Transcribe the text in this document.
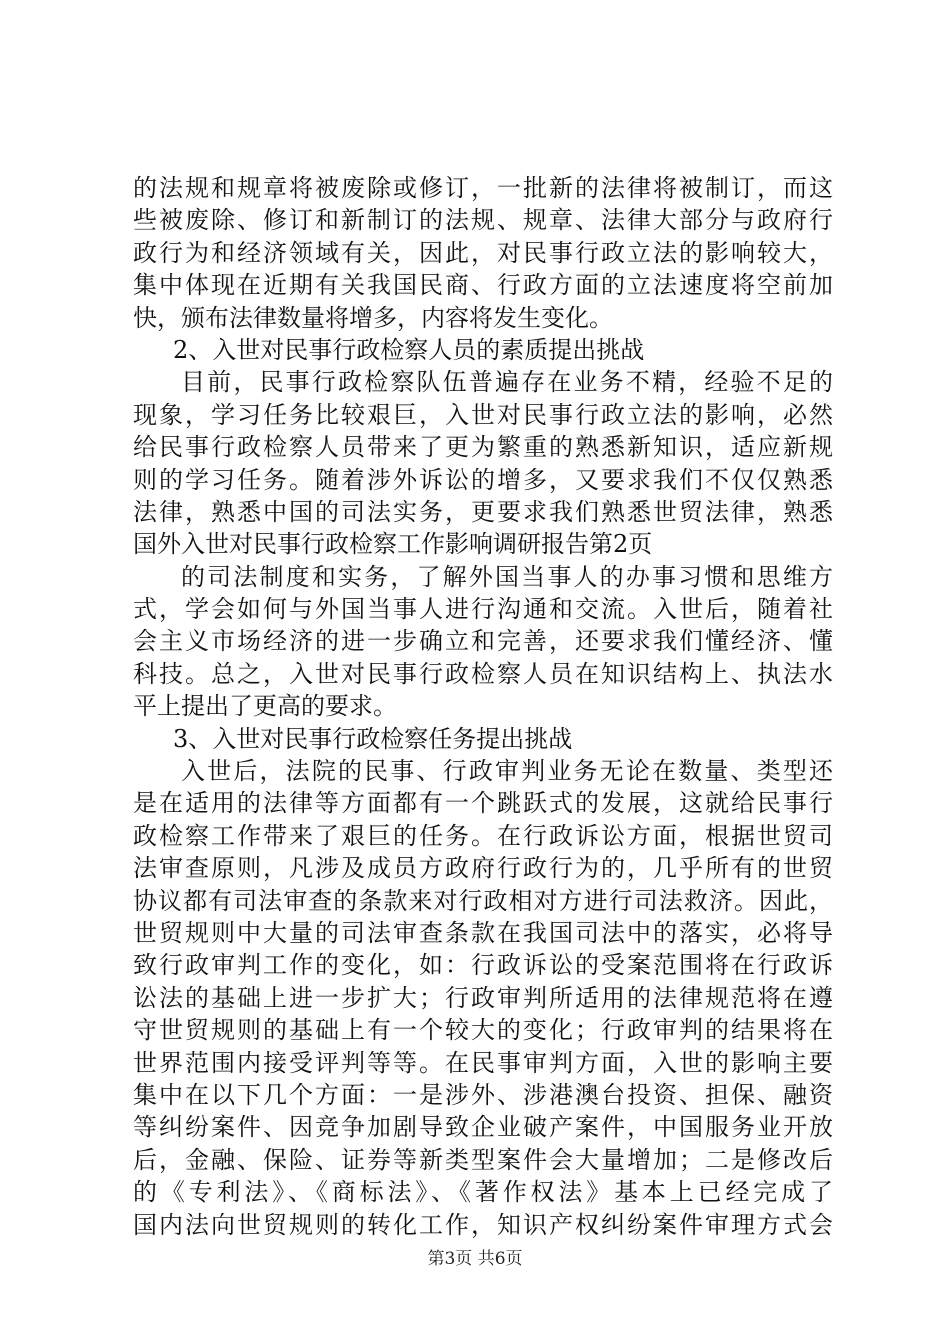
的法规和规章将被废除或修订，一批新的法律将被制订，而这
些被废除、修订和新制订的法规、规章、法律大部分与政府行
政行为和经济领域有关，因此，对民事行政立法的影响较大，
集中体现在近期有关我国民商、行政方面的立法速度将空前加
快，颁布法律数量将增多，内容将发生变化。
2、入世对民事行政检察人员的素质提出挑战
目前，民事行政检察队伍普遍存在业务不精，经验不足的
现象，学习任务比较艰巨，入世对民事行政立法的影响，必然
给民事行政检察人员带来了更为繁重的熟悉新知识，适应新规
则的学习任务。随着涉外诉讼的增多，又要求我们不仅仅熟悉
法律，熟悉中国的司法实务，更要求我们熟悉世贸法律，熟悉
国外入世对民事行政检察工作影响调研报告第2页
的司法制度和实务，了解外国当事人的办事习惯和思维方
式，学会如何与外国当事人进行沟通和交流。入世后，随着社
会主义市场经济的进一步确立和完善，还要求我们懂经济、懂
科技。总之，入世对民事行政检察人员在知识结构上、执法水
平上提出了更高的要求。
3、入世对民事行政检察任务提出挑战
入世后，法院的民事、行政审判业务无论在数量、类型还
是在适用的法律等方面都有一个跳跃式的发展，这就给民事行
政检察工作带来了艰巨的任务。在行政诉讼方面，根据世贸司
法审查原则，凡涉及成员方政府行政行为的，几乎所有的世贸
协议都有司法审查的条款来对行政相对方进行司法救济。因此，
世贸规则中大量的司法审查条款在我国司法中的落实，必将导
致行政审判工作的变化，如：行政诉讼的受案范围将在行政诉
讼法的基础上进一步扩大；行政审判所适用的法律规范将在遵
守世贸规则的基础上有一个较大的变化；行政审判的结果将在
世界范围内接受评判等等。在民事审判方面，入世的影响主要
集中在以下几个方面：一是涉外、涉港澳台投资、担保、融资
等纠纷案件、因竞争加剧导致企业破产案件，中国服务业开放
后，金融、保险、证券等新类型案件会大量增加；二是修改后
的《专利法》、《商标法》、《著作权法》基本上已经完成了
国内法向世贸规则的转化工作，知识产权纠纷案件审理方式会
第3页 共6页
